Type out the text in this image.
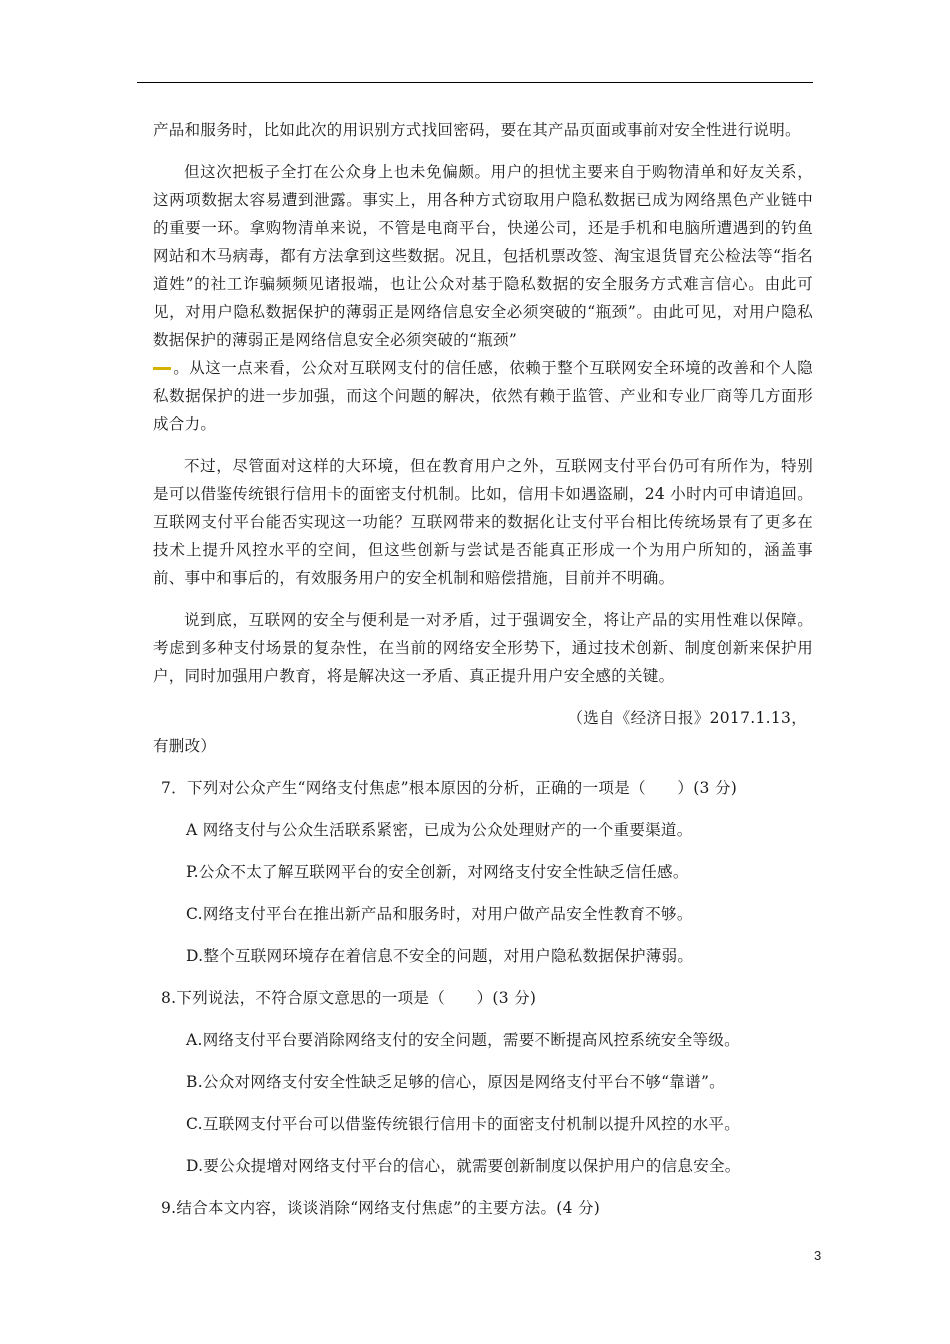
产品和服务时，比如此次的用识别方式找回密码，要在其产品页面或事前对安全性进行说明。

但这次把板子全打在公众身上也未免偏颇。用户的担忧主要来自于购物清单和好友关系，这两项数据太容易遭到泄露。事实上，用各种方式窃取用户隐私数据已成为网络黑色产业链中的重要一环。拿购物清单来说，不管是电商平台，快递公司，还是手机和电脑所遭遇到的钓鱼网站和木马病毒，都有方法拿到这些数据。况且，包括机票改签、淘宝退货冒充公检法等“指名道姓”的社工诈骗频频见诸报端，也让公众对基于隐私数据的安全服务方式难言信心。由此可见，对用户隐私数据保护的薄弱正是网络信息安全必须突破的“瓶颈”。由此可见，对用户隐私数据保护的薄弱正是网络信息安全必须突破的“瓶颈”
。从这一点来看，公众对互联网支付的信任感，依赖于整个互联网安全环境的改善和个人隐私数据保护的进一步加强，而这个问题的解决，依然有赖于监管、产业和专业厂商等几方面形成合力。

不过，尽管面对这样的大环境，但在教育用户之外，互联网支付平台仍可有所作为，特别是可以借鉴传统银行信用卡的面密支付机制。比如，信用卡如遇盗刷，24 小时内可申请追回。互联网支付平台能否实现这一功能？互联网带来的数据化让支付平台相比传统场景有了更多在技术上提升风控水平的空间，但这些创新与尝试是否能真正形成一个为用户所知的，涵盖事前、事中和事后的，有效服务用户的安全机制和赔偿措施，目前并不明确。

说到底，互联网的安全与便利是一对矛盾，过于强调安全，将让产品的实用性难以保障。考虑到多种支付场景的复杂性，在当前的网络安全形势下，通过技术创新、制度创新来保护用户，同时加强用户教育，将是解决这一矛盾、真正提升用户安全感的关键。

（选自《经济日报》2017.1.13，

有删改）

7．下列对公众产生“网络支付焦虑”根本原因的分析，正确的一项是（　　）(3 分)

A 网络支付与公众生活联系紧密，已成为公众处理财产的一个重要渠道。

P.公众不太了解互联网平台的安全创新，对网络支付安全性缺乏信任感。

C.网络支付平台在推出新产品和服务时，对用户做产品安全性教育不够。

D.整个互联网环境存在着信息不安全的问题，对用户隐私数据保护薄弱。

8.下列说法，不符合原文意思的一项是（　　）(3 分)

A.网络支付平台要消除网络支付的安全问题，需要不断提高风控系统安全等级。

B.公众对网络支付安全性缺乏足够的信心，原因是网络支付平台不够“靠谱”。

C.互联网支付平台可以借鉴传统银行信用卡的面密支付机制以提升风控的水平。

D.要公众提增对网络支付平台的信心，就需要创新制度以保护用户的信息安全。

9.结合本文内容，谈谈消除“网络支付焦虑”的主要方法。(4 分)

3
